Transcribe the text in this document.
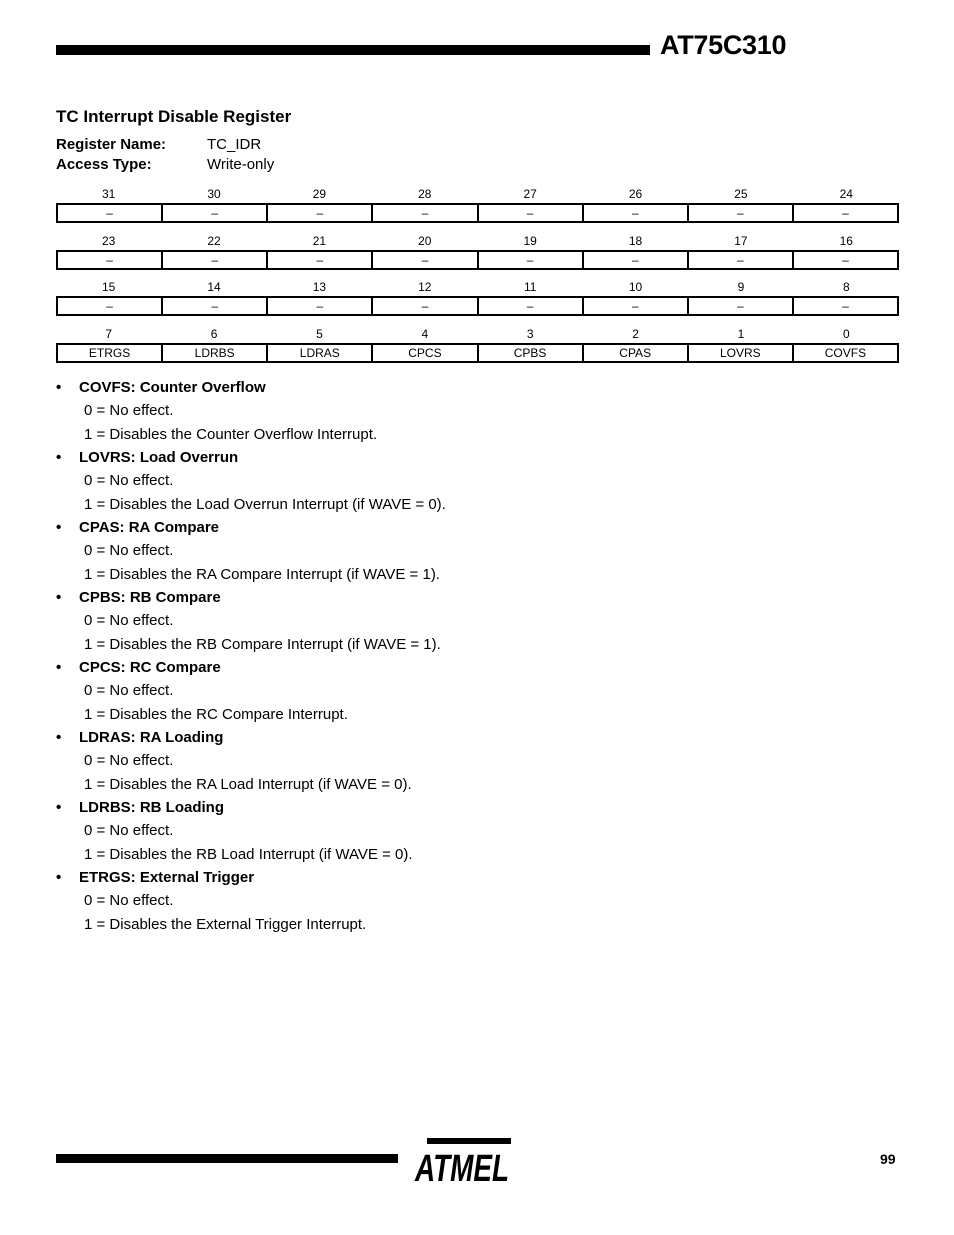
AT75C310
TC Interrupt Disable Register
Register Name:	TC_IDR
Access Type:	Write-only
31	30	29	28	27	26	25	24
–	–	–	–	–	–	–	–
23	22	21	20	19	18	17	16
–	–	–	–	–	–	–	–
15	14	13	12	11	10	9	8
–	–	–	–	–	–	–	–
7	6	5	4	3	2	1	0
ETRGS	LDRBS	LDRAS	CPCS	CPBS	CPAS	LOVRS	COVFS
•	COVFS: Counter Overflow
0 = No effect.
1 = Disables the Counter Overflow Interrupt.
•	LOVRS: Load Overrun
0 = No effect.
1 = Disables the Load Overrun Interrupt (if WAVE = 0).
•	CPAS: RA Compare
0 = No effect.
1 = Disables the RA Compare Interrupt (if WAVE = 1).
•	CPBS: RB Compare
0 = No effect.
1 = Disables the RB Compare Interrupt (if WAVE = 1).
•	CPCS: RC Compare
0 = No effect.
1 = Disables the RC Compare Interrupt.
•	LDRAS: RA Loading
0 = No effect.
1 = Disables the RA Load Interrupt (if WAVE = 0).
•	LDRBS: RB Loading
0 = No effect.
1 = Disables the RB Load Interrupt (if WAVE = 0).
•	ETRGS: External Trigger
0 = No effect.
1 = Disables the External Trigger Interrupt.
ATMEL	99
